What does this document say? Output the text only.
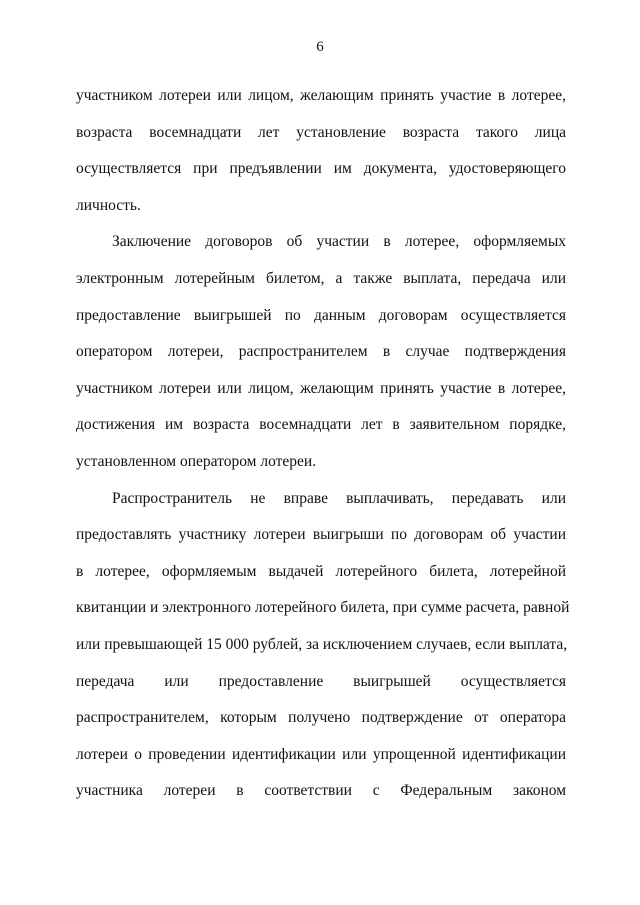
6
участником лотереи или лицом, желающим принять участие в лотерее,
возраста восемнадцати лет установление возраста такого лица
осуществляется при предъявлении им документа, удостоверяющего
личность.
Заключение договоров об участии в лотерее, оформляемых
электронным лотерейным билетом, а также выплата, передача или
предоставление выигрышей по данным договорам осуществляется
оператором лотереи, распространителем в случае подтверждения
участником лотереи или лицом, желающим принять участие в лотерее,
достижения им возраста восемнадцати лет в заявительном порядке,
установленном оператором лотереи.
Распространитель не вправе выплачивать, передавать или
предоставлять участнику лотереи выигрыши по договорам об участии
в лотерее, оформляемым выдачей лотерейного билета, лотерейной
квитанции и электронного лотерейного билета, при сумме расчета, равной
или превышающей 15 000 рублей, за исключением случаев, если выплата,
передача или предоставление выигрышей осуществляется
распространителем, которым получено подтверждение от оператора
лотереи о проведении идентификации или упрощенной идентификации
участника лотереи в соответствии с Федеральным законом
